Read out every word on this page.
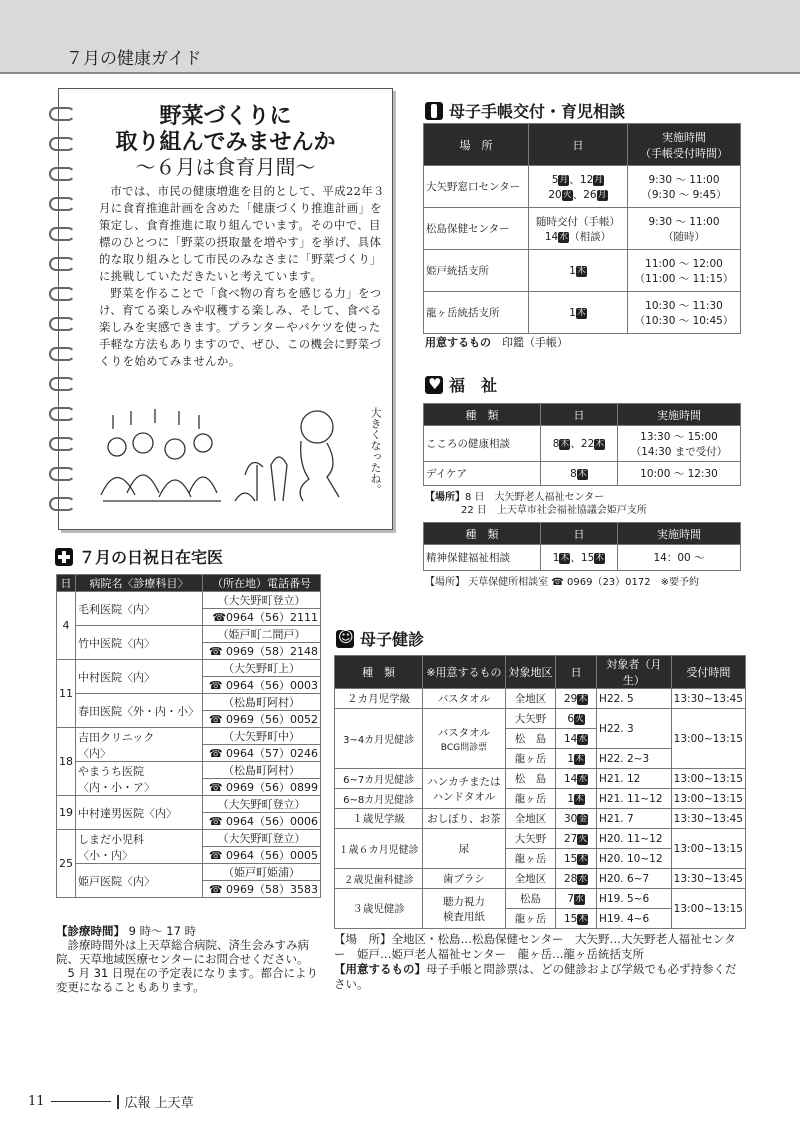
７月の健康ガイド
野菜づくりに
取り組んでみませんか
～６月は食育月間～

市では、市民の健康増進を目的として、平成22年３月に食育推進計画を含めた「健康づくり推進計画」を策定し、食育推進に取り組んでいます。その中で、目標のひとつに「野菜の摂取量を増やす」を挙げ、具体的な取り組みとして市民のみなさまに「野菜づくり」に挑戦していただきたいと考えています。

野菜を作ることで「食べ物の育ちを感じる力」をつけ、育てる楽しみや収穫する楽しみ、そして、食べる楽しみを実感できます。プランターやバケツを使った手軽な方法もありますので、ぜひ、この機会に野菜づくりを始めてみませんか。

大きくなったね。
母子手帳交付・育児相談
場　所	日	実施時間
（手帳受付時間）
大矢野窓口センター	5月、12月
20火、26月	9:30 ～ 11:00
（9:30 ～ 9:45）
松島保健センター	随時交付（手帳）
14水（相談）	9:30 ～ 11:00
（随時）
姫戸統括支所	1木	11:00 ～ 12:00
（11:00 ～ 11:15）
龍ヶ岳統括支所	1木	10:30 ～ 11:30
（10:30 ～ 10:45）
用意するもの　 印鑑（手帳）
♥
福　祉
種　類	日	実施時間
こころの健康相談	8木、22木	13:30 ～ 15:00
（14:30 まで受付）
デイケア	8木	10:00 ～ 12:30
【場所】8 日　大矢野老人福祉センター
22 日　上天草市社会福祉協議会姫戸支所
種　類	日	実施時間
精神保健福祉相談	1木、15木	14：00 ～
【場所】 天草保健所相談室 ☎ 0969（23）0172　※要予約
７月の日祝日在宅医
日	病院名〈診療科目〉	（所在地）電話番号
4	毛利医院〈内〉	（大矢野町登立）
		☎0964（56）2111
	竹中医院〈内〉	（姫戸町二間戸）
		☎ 0969（58）2148
11	中村医院〈内〉	（大矢野町上）
		☎ 0964（56）0003
	春田医院〈外・内・小〉	（松島町阿村）
		☎ 0969（56）0052
18	吉田クリニック
〈内〉	（大矢野町中）
		☎ 0964（57）0246
	やまうち医院
〈内・小・ア〉	（松島町阿村）
		☎ 0969（56）0899
19	中村達男医院〈内〉	（大矢野町登立）
		☎ 0964（56）0006
25	しまだ小児科
〈小・内〉	（大矢野町登立）
		☎ 0964（56）0005
	姫戸医院〈内〉	（姫戸町姫浦）
		☎ 0969（58）3583
【診療時間】 9 時～ 17 時

診療時間外は上天草総合病院、済生会みすみ病院、天草地域医療センターにお問合せください。
5 月 31 日現在の予定表になります。都合により変更になることもあります。
☺
母子健診
種　類	※用意するもの	対象地区	日	対象者（月生）	受付時間
２カ月児学級	バスタオル	全地区	29木	H22. 5	13:30~13:45
3~4カ月児健診	バスタオル
BCG問診票	大矢野	6火	H22. 3	13:00~13:15
		松　島	14水		
		龍ヶ岳	1木	H22. 2~3	
6~7カ月児健診	ハンカチまたは
ハンドタオル	松　島	14水	H21. 12	13:00~13:15
6~8カ月児健診		龍ヶ岳	1木	H21. 11~12	13:00~13:15
１歳児学級	おしぼり、お茶	全地区	30金	H21. 7	13:30~13:45
１歳６カ月児健診	尿	大矢野	27火	H20. 11~12	13:00~13:15
		龍ヶ岳	15木	H20. 10~12	
２歳児歯科健診	歯ブラシ	全地区	28水	H20. 6~7	13:30~13:45
３歳児健診	聴力視力
検査用紙	松島	7水	H19. 5~6	13:00~13:15
		龍ヶ岳	15木	H19. 4~6	
【場　所】全地区・松島…松島保健センター　大矢野…大矢野老人福祉センター　姫戸…姫戸老人福祉センター　龍ヶ岳…龍ヶ岳統括支所
【用意するもの】母子手帳と問診票は、どの健診および学級でも必ず持参ください。
11	広報 上天草
